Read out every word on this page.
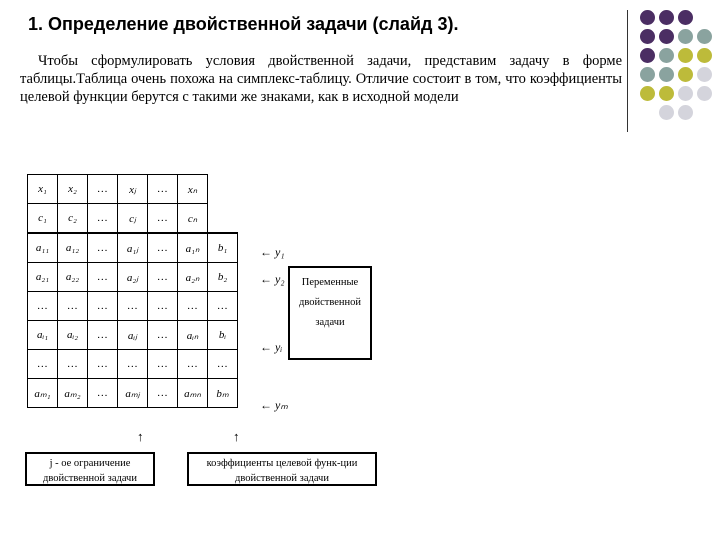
1. Определение двойственной задачи (слайд 3).

Чтобы сформулировать условия двойственной задачи, представим задачу в форме таблицы.Таблица очень похожа на симплекс-таблицу. Отличие состоит в том, что коэффициенты целевой функции берутся с такими же знаками, как в исходной модели

x₁	x₂	…	xⱼ	…	xₙ	
c₁	c₂	…	cⱼ	…	cₙ	
a₁₁	a₁₂	…	a₁ⱼ	…	a₁ₙ	b₁
a₂₁	a₂₂	…	a₂ⱼ	…	a₂ₙ	b₂
…	…	…	…	…	…	…
aᵢ₁	aᵢ₂	…	aᵢⱼ	…	aᵢₙ	bᵢ
…	…	…	…	…	…	…
aₘ₁	aₘ₂	…	aₘⱼ	…	aₘₙ	bₘ
← y₁
← y₂
← yᵢ
← yₘ
Переменные
двойственной
задачи
↑	↑
j - ое ограничение двойственной задачи
коэффициенты целевой функ-ции двойственной задачи
